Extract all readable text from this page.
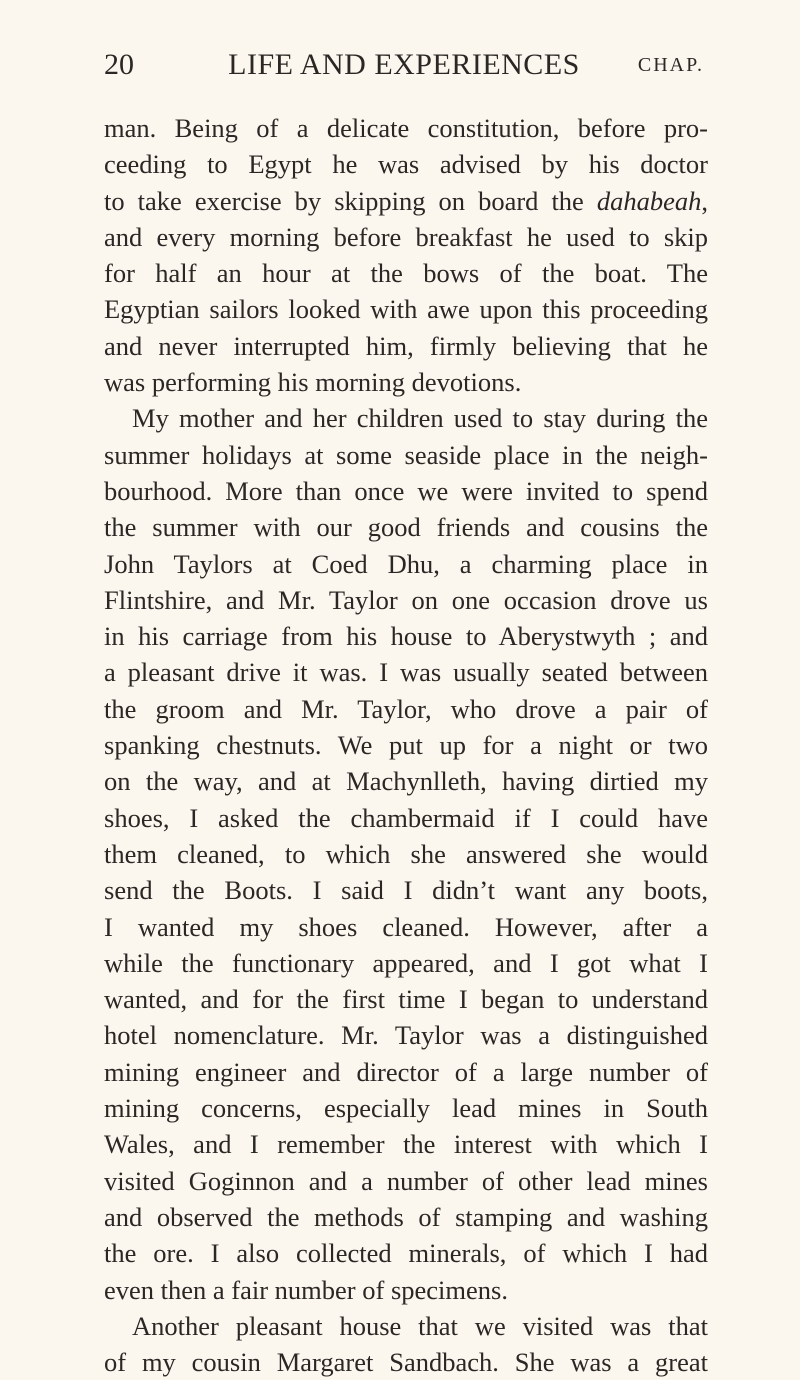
20	LIFE AND EXPERIENCES	CHAP.
man. Being of a delicate constitution, before pro-
ceeding to Egypt he was advised by his doctor
to take exercise by skipping on board the dahabeah,
and every morning before breakfast he used to skip
for half an hour at the bows of the boat. The
Egyptian sailors looked with awe upon this proceeding
and never interrupted him, firmly believing that he
was performing his morning devotions.
My mother and her children used to stay during the
summer holidays at some seaside place in the neigh-
bourhood. More than once we were invited to spend
the summer with our good friends and cousins the
John Taylors at Coed Dhu, a charming place in
Flintshire, and Mr. Taylor on one occasion drove us
in his carriage from his house to Aberystwyth ; and
a pleasant drive it was. I was usually seated between
the groom and Mr. Taylor, who drove a pair of
spanking chestnuts. We put up for a night or two
on the way, and at Machynlleth, having dirtied my
shoes, I asked the chambermaid if I could have
them cleaned, to which she answered she would
send the Boots. I said I didn’t want any boots,
I wanted my shoes cleaned. However, after a
while the functionary appeared, and I got what I
wanted, and for the first time I began to understand
hotel nomenclature. Mr. Taylor was a distinguished
mining engineer and director of a large number of
mining concerns, especially lead mines in South
Wales, and I remember the interest with which I
visited Goginnon and a number of other lead mines
and observed the methods of stamping and washing
the ore. I also collected minerals, of which I had
even then a fair number of specimens.
Another pleasant house that we visited was that
of my cousin Margaret Sandbach. She was a great
